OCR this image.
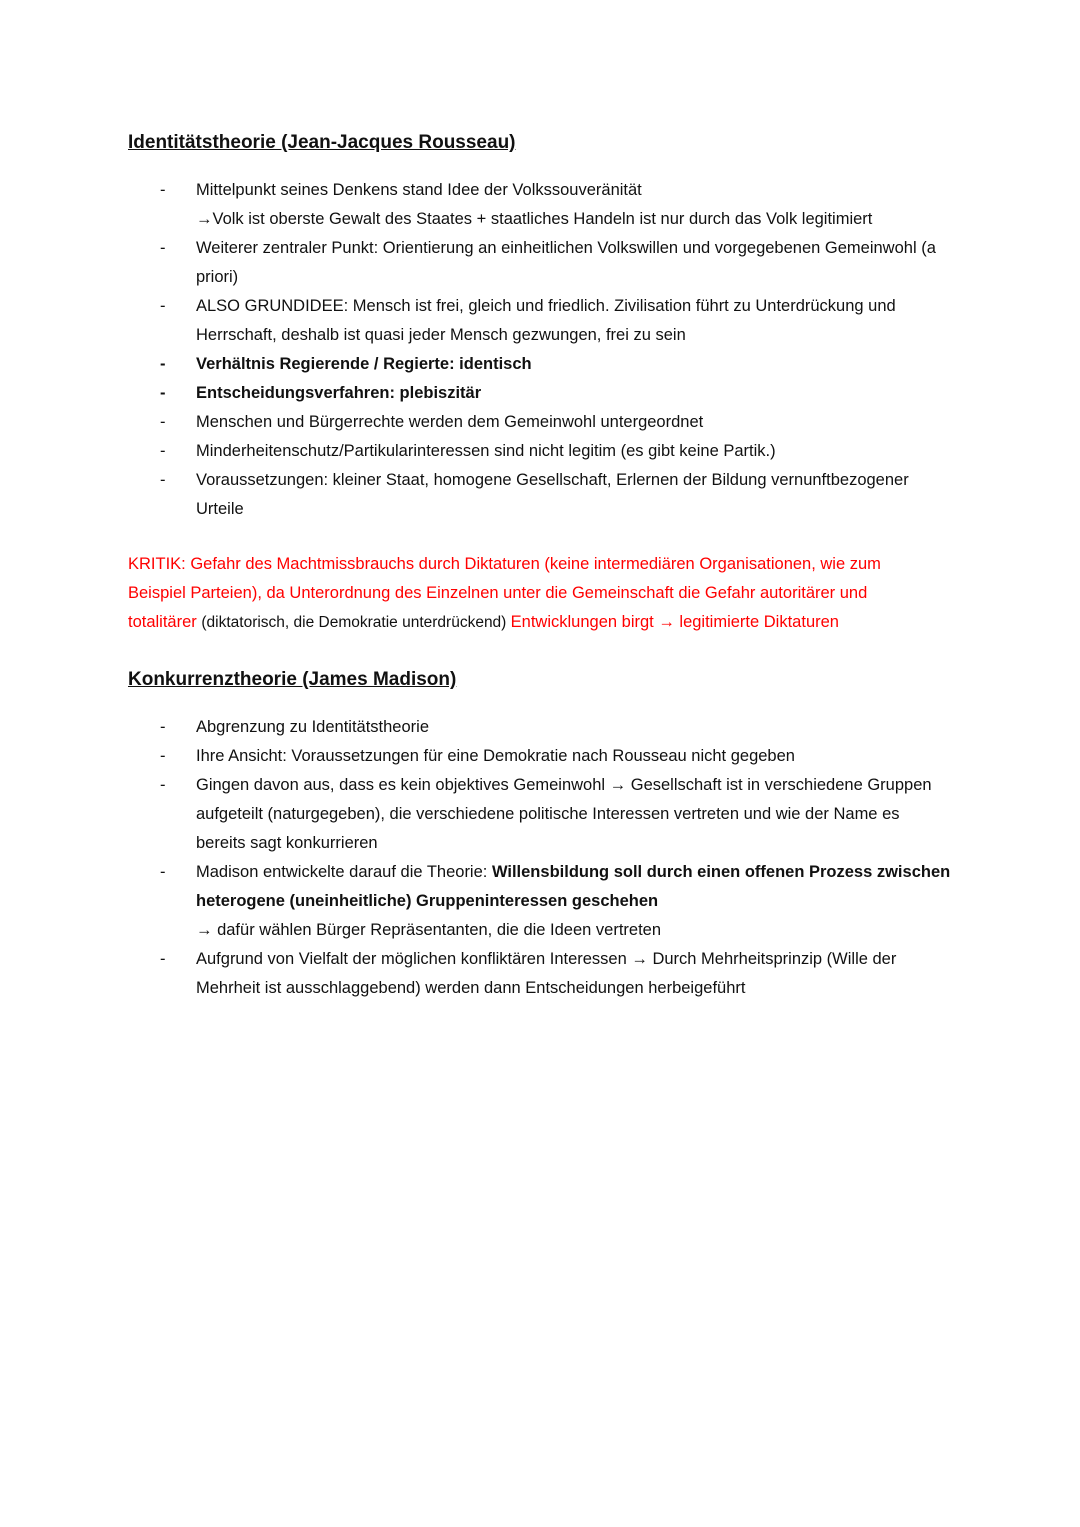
Identitätstheorie (Jean-Jacques Rousseau)
- Mittelpunkt seines Denkens stand Idee der Volkssouveränität
→Volk ist oberste Gewalt des Staates + staatliches Handeln ist nur durch das Volk legitimiert
- Weiterer zentraler Punkt: Orientierung an einheitlichen Volkswillen und vorgegebenen Gemeinwohl (a priori)
- ALSO GRUNDIDEE: Mensch ist frei, gleich und friedlich. Zivilisation führt zu Unterdrückung und Herrschaft, deshalb ist quasi jeder Mensch gezwungen, frei zu sein
- Verhältnis Regierende / Regierte: identisch
- Entscheidungsverfahren: plebiszitär
- Menschen und Bürgerrechte werden dem Gemeinwohl untergeordnet
- Minderheitenschutz/Partikularinteressen sind nicht legitim (es gibt keine Partik.)
- Voraussetzungen: kleiner Staat, homogene Gesellschaft, Erlernen der Bildung vernunftbezogener Urteile

KRITIK: Gefahr des Machtmissbrauchs durch Diktaturen (keine intermediären Organisationen, wie zum Beispiel Parteien), da Unterordnung des Einzelnen unter die Gemeinschaft die Gefahr autoritärer und totalitärer (diktatorisch, die Demokratie unterdrückend) Entwicklungen birgt → legitimierte Diktaturen

Konkurrenztheorie (James Madison)
- Abgrenzung zu Identitätstheorie
- Ihre Ansicht: Voraussetzungen für eine Demokratie nach Rousseau nicht gegeben
- Gingen davon aus, dass es kein objektives Gemeinwohl → Gesellschaft ist in verschiedene Gruppen aufgeteilt (naturgegeben), die verschiedene politische Interessen vertreten und wie der Name es bereits sagt konkurrieren
- Madison entwickelte darauf die Theorie: Willensbildung soll durch einen offenen Prozess zwischen heterogene (uneinheitliche) Gruppeninteressen geschehen
→ dafür wählen Bürger Repräsentanten, die die Ideen vertreten
- Aufgrund von Vielfalt der möglichen konfliktären Interessen → Durch Mehrheitsprinzip (Wille der Mehrheit ist ausschlaggebend) werden dann Entscheidungen herbeigeführt
